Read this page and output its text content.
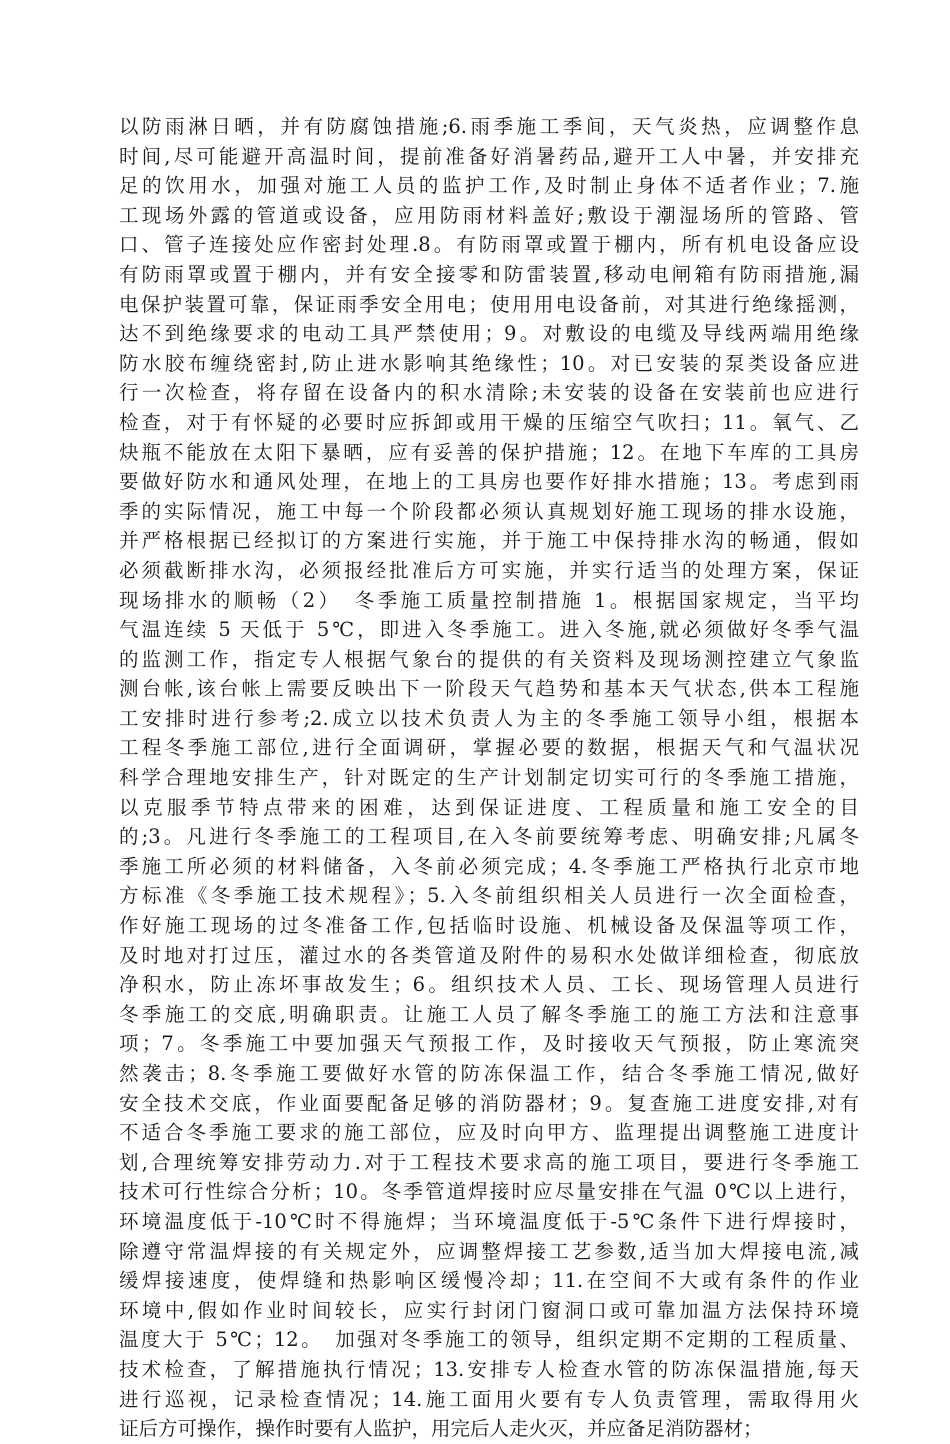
以防雨淋日晒，并有防腐蚀措施;6.雨季施工季间，天气炎热，应调整作息
时间,尽可能避开高温时间，提前准备好消暑药品,避开工人中暑，并安排充
足的饮用水，加强对施工人员的监护工作,及时制止身体不适者作业；7.施
工现场外露的管道或设备，应用防雨材料盖好;敷设于潮湿场所的管路、管
口、管子连接处应作密封处理.8。有防雨罩或置于棚内，所有机电设备应设
有防雨罩或置于棚内，并有安全接零和防雷装置,移动电闸箱有防雨措施,漏
电保护装置可靠，保证雨季安全用电；使用用电设备前，对其进行绝缘摇测，
达不到绝缘要求的电动工具严禁使用；9。对敷设的电缆及导线两端用绝缘
防水胶布缠绕密封,防止进水影响其绝缘性；10。对已安装的泵类设备应进
行一次检查，将存留在设备内的积水清除;未安装的设备在安装前也应进行
检查，对于有怀疑的必要时应拆卸或用干燥的压缩空气吹扫；11。氧气、乙
炔瓶不能放在太阳下暴晒，应有妥善的保护措施；12。在地下车库的工具房
要做好防水和通风处理，在地上的工具房也要作好排水措施；13。考虑到雨
季的实际情况，施工中每一个阶段都必须认真规划好施工现场的排水设施，
并严格根据已经拟订的方案进行实施，并于施工中保持排水沟的畅通，假如
必须截断排水沟，必须报经批准后方可实施，并实行适当的处理方案，保证
现场排水的顺畅（2）　冬季施工质量控制措施 1。根据国家规定，当平均
气温连续 5 天低于 5℃，即进入冬季施工。进入冬施,就必须做好冬季气温
的监测工作，指定专人根据气象台的提供的有关资料及现场测控建立气象监
测台帐,该台帐上需要反映出下一阶段天气趋势和基本天气状态,供本工程施
工安排时进行参考;2.成立以技术负责人为主的冬季施工领导小组，根据本
工程冬季施工部位,进行全面调研，掌握必要的数据，根据天气和气温状况
科学合理地安排生产，针对既定的生产计划制定切实可行的冬季施工措施，
以克服季节特点带来的困难，达到保证进度、工程质量和施工安全的目
的;3。凡进行冬季施工的工程项目,在入冬前要统筹考虑、明确安排;凡属冬
季施工所必须的材料储备，入冬前必须完成；4.冬季施工严格执行北京市地
方标准《冬季施工技术规程》；5.入冬前组织相关人员进行一次全面检查，
作好施工现场的过冬准备工作,包括临时设施、机械设备及保温等项工作，
及时地对打过压，灌过水的各类管道及附件的易积水处做详细检查，彻底放
净积水，防止冻坏事故发生；6。组织技术人员、工长、现场管理人员进行
冬季施工的交底,明确职责。让施工人员了解冬季施工的施工方法和注意事
项；7。冬季施工中要加强天气预报工作，及时接收天气预报，防止寒流突
然袭击；8.冬季施工要做好水管的防冻保温工作，结合冬季施工情况,做好
安全技术交底，作业面要配备足够的消防器材；9。复查施工进度安排,对有
不适合冬季施工要求的施工部位，应及时向甲方、监理提出调整施工进度计
划,合理统筹安排劳动力.对于工程技术要求高的施工项目，要进行冬季施工
技术可行性综合分析；10。冬季管道焊接时应尽量安排在气温 0℃以上进行，
环境温度低于-10℃时不得施焊；当环境温度低于-5℃条件下进行焊接时，
除遵守常温焊接的有关规定外，应调整焊接工艺参数,适当加大焊接电流,减
缓焊接速度，使焊缝和热影响区缓慢冷却；11.在空间不大或有条件的作业
环境中,假如作业时间较长，应实行封闭门窗洞口或可靠加温方法保持环境
温度大于 5℃；12。　加强对冬季施工的领导，组织定期不定期的工程质量、
技术检查，了解措施执行情况；13.安排专人检查水管的防冻保温措施,每天
进行巡视，记录检查情况；14.施工面用火要有专人负责管理，需取得用火
证后方可操作，操作时要有人监护，用完后人走火灭，并应备足消防器材；
